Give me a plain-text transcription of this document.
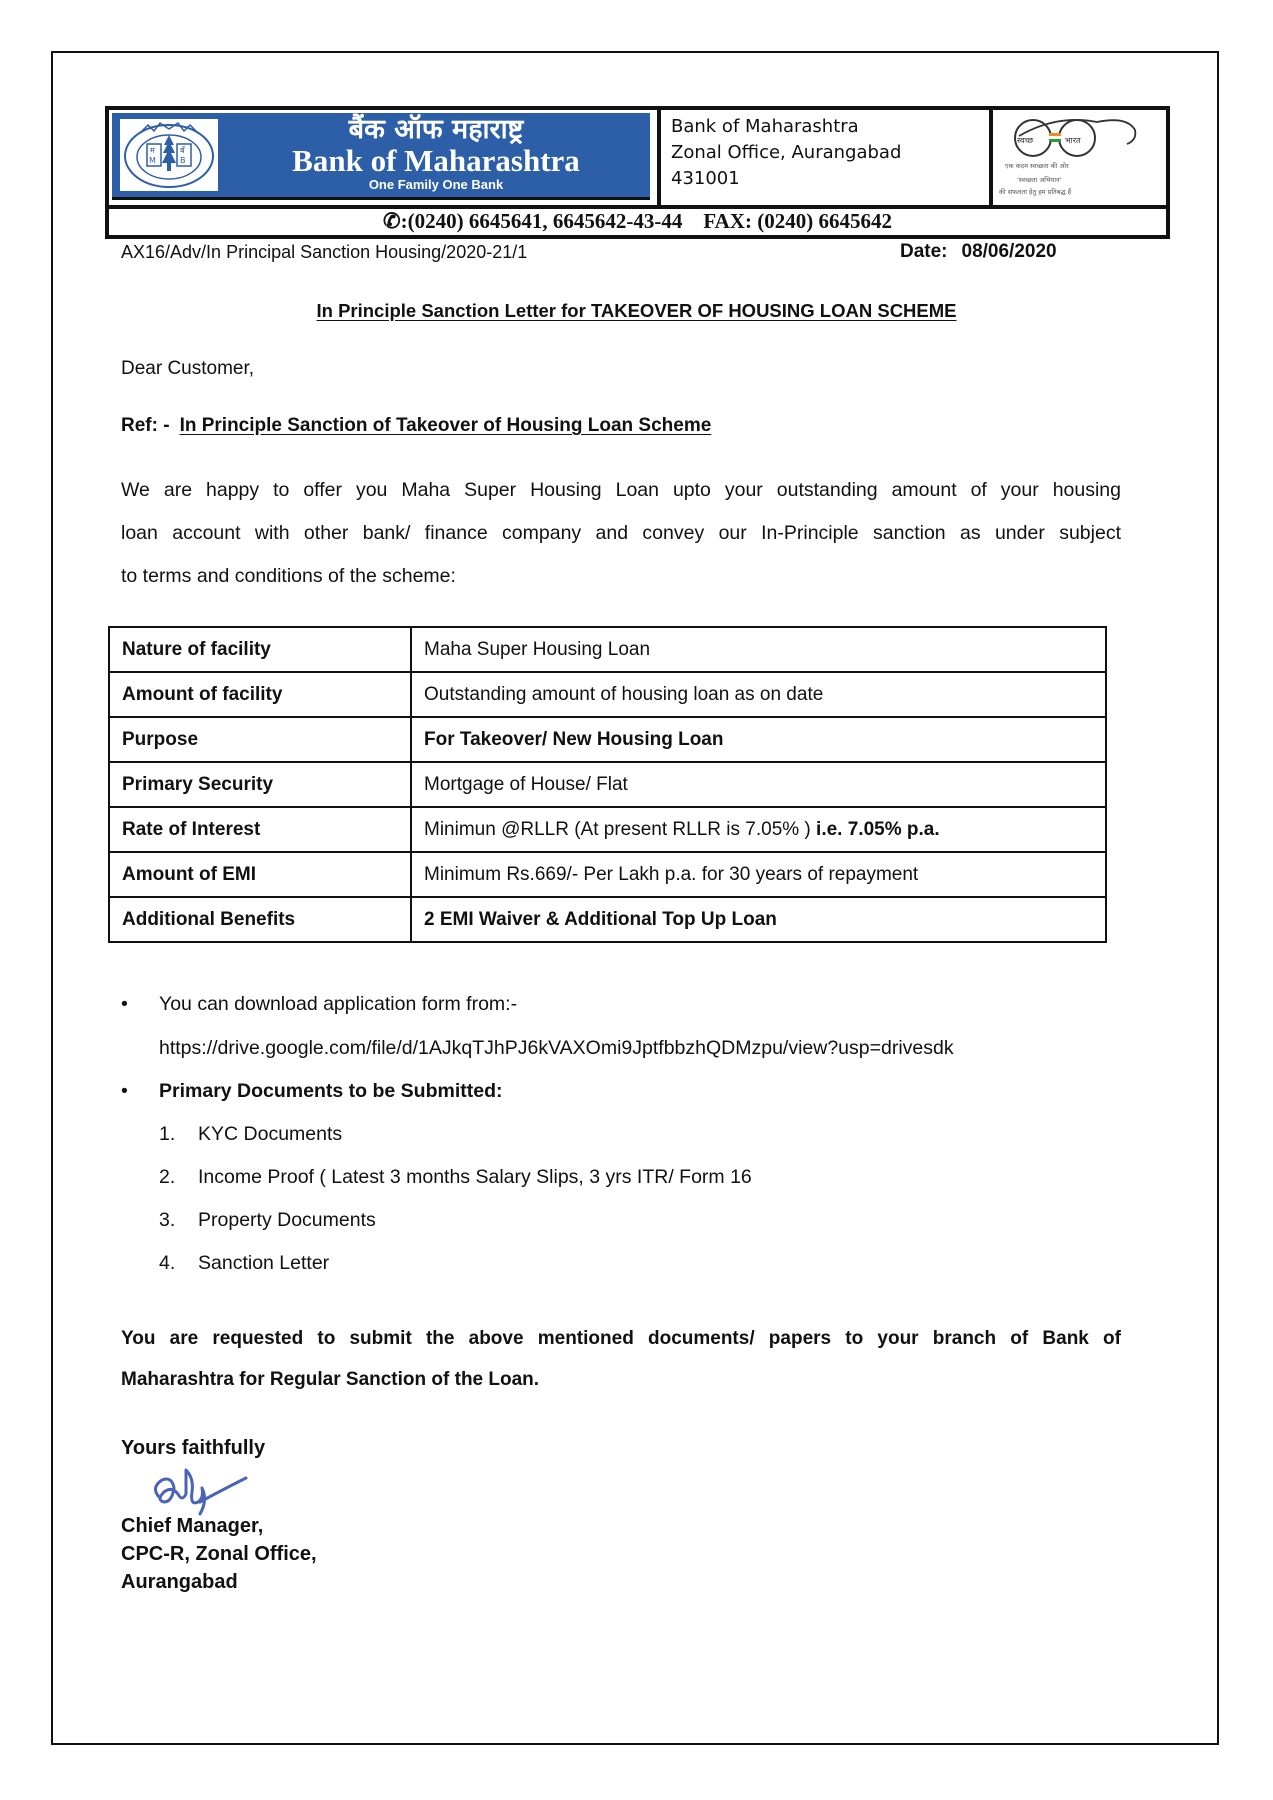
म
M
बँ
B
बैंक ऑफ महाराष्ट्र
Bank of Maharashtra
One Family One Bank
Bank of Maharashtra
Zonal Office, Aurangabad
431001
स्वच्छ	भारत
एक कदम स्वच्छता की ओर
'स्वच्छता अभियान'
की सफलता हेतु हम प्रतिबद्ध हैं
✆:(0240) 6645641, 6645642-43-44    FAX: (0240) 6645642
AX16/Adv/In Principal Sanction Housing/2020-21/1	Date: 08/06/2020
In Principle Sanction Letter for TAKEOVER OF HOUSING LOAN SCHEME
Dear Customer,
Ref: - In Principle Sanction of Takeover of Housing Loan Scheme
We are happy to offer you Maha Super Housing Loan upto your outstanding amount of your housing
loan account with other bank/ finance company and convey our In-Principle sanction as under subject
to terms and conditions of the scheme:
Nature of facility	Maha Super Housing Loan
Amount of facility	Outstanding amount of housing loan as on date
Purpose	For Takeover/ New Housing Loan
Primary Security	Mortgage of House/ Flat
Rate of Interest	Minimun @RLLR (At present RLLR is 7.05% ) i.e. 7.05% p.a.
Amount of EMI	Minimum Rs.669/- Per Lakh p.a. for 30 years of repayment
Additional Benefits	2 EMI Waiver & Additional Top Up Loan
•	You can download application form from:-
https://drive.google.com/file/d/1AJkqTJhPJ6kVAXOmi9JptfbbzhQDMzpu/view?usp=drivesdk
•	Primary Documents to be Submitted:
1. KYC Documents
2. Income Proof ( Latest 3 months Salary Slips, 3 yrs ITR/ Form 16
3. Property Documents
4. Sanction Letter
You are requested to submit the above mentioned documents/ papers to your branch of Bank of
Maharashtra for Regular Sanction of the Loan.
Yours faithfully
Chief Manager,
CPC-R, Zonal Office,
Aurangabad
